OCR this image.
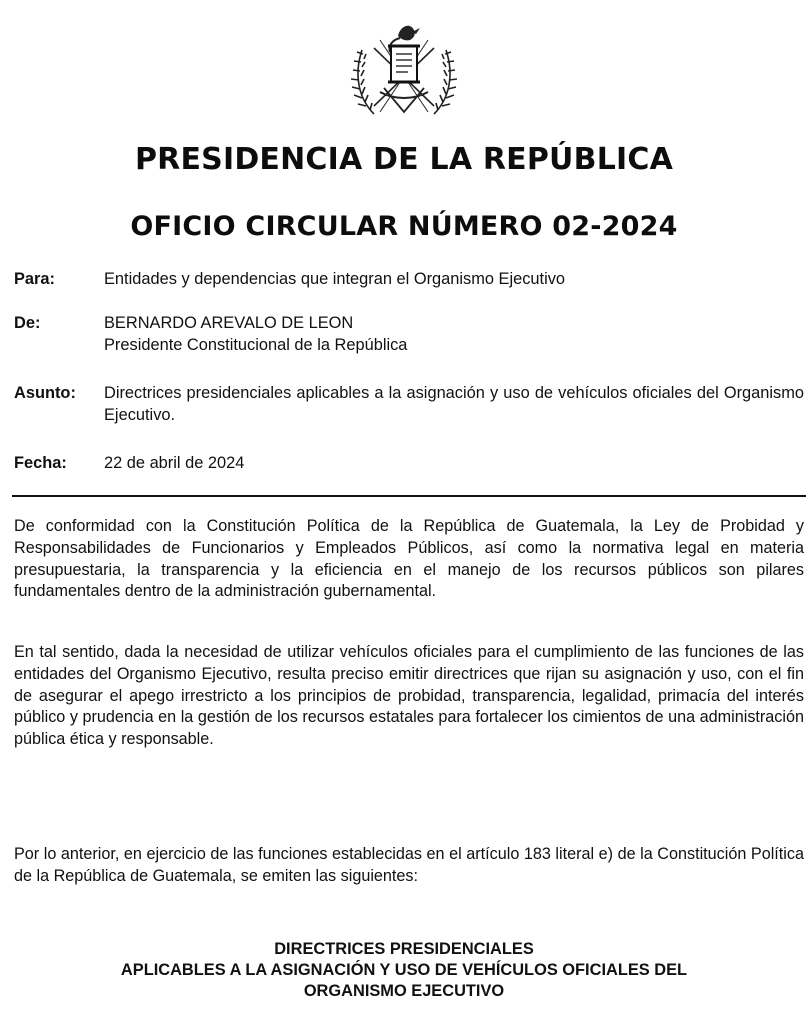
PRESIDENCIA DE LA REPÚBLICA
OFICIO CIRCULAR NÚMERO 02-2024
Para:	Entidades y dependencias que integran el Organismo Ejecutivo
De:	BERNARDO AREVALO DE LEON
Presidente Constitucional de la República
Asunto: Directrices presidenciales aplicables a la asignación y uso de vehículos oficiales del Organismo Ejecutivo.
Fecha: 22 de abril de 2024

De conformidad con la Constitución Política de la República de Guatemala, la Ley de Probidad y Responsabilidades de Funcionarios y Empleados Públicos, así como la normativa legal en materia presupuestaria, la transparencia y la eficiencia en el manejo de los recursos públicos son pilares fundamentales dentro de la administración gubernamental.

En tal sentido, dada la necesidad de utilizar vehículos oficiales para el cumplimiento de las funciones de las entidades del Organismo Ejecutivo, resulta preciso emitir directrices que rijan su asignación y uso, con el fin de asegurar el apego irrestricto a los principios de probidad, transparencia, legalidad, primacía del interés público y prudencia en la gestión de los recursos estatales para fortalecer los cimientos de una administración pública ética y responsable.

Por lo anterior, en ejercicio de las funciones establecidas en el artículo 183 literal e) de la Constitución Política de la República de Guatemala, se emiten las siguientes:

DIRECTRICES PRESIDENCIALES
APLICABLES A LA ASIGNACIÓN Y USO DE VEHÍCULOS OFICIALES DEL
ORGANISMO EJECUTIVO
